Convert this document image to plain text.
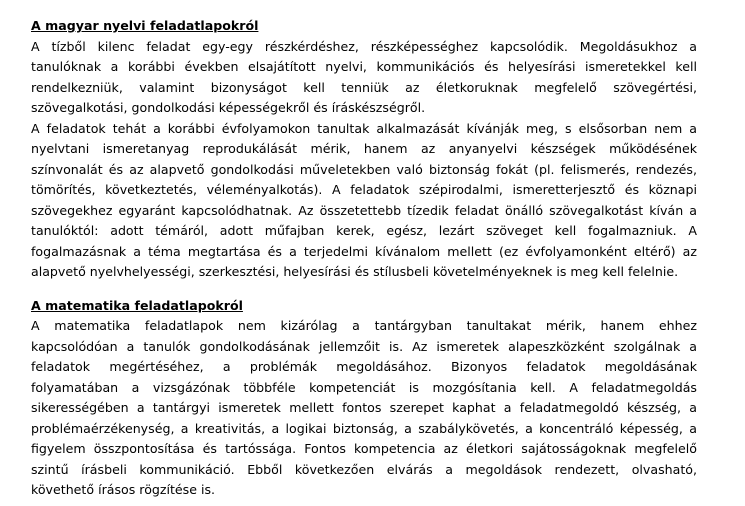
A magyar nyelvi feladatlapokról
A tízből kilenc feladat egy-egy részkérdéshez, részképességhez kapcsolódik. Megoldásukhoz a
tanulóknak a korábbi években elsajátított nyelvi, kommunikációs és helyesírási ismeretekkel kell
rendelkezniük, valamint bizonyságot kell tenniük az életkoruknak megfelelő szövegértési,
szövegalkotási, gondolkodási képességekről és íráskészségről.
A feladatok tehát a korábbi évfolyamokon tanultak alkalmazását kívánják meg, s elsősorban nem a
nyelvtani ismeretanyag reprodukálását mérik, hanem az anyanyelvi készségek működésének
színvonalát és az alapvető gondolkodási műveletekben való biztonság fokát (pl. felismerés, rendezés,
tömörítés, következtetés, véleményalkotás). A feladatok szépirodalmi, ismeretterjesztő és köznapi
szövegekhez egyaránt kapcsolódhatnak. Az összetettebb tízedik feladat önálló szövegalkotást kíván a
tanulóktól: adott témáról, adott műfajban kerek, egész, lezárt szöveget kell fogalmazniuk. A
fogalmazásnak a téma megtartása és a terjedelmi kívánalom mellett (ez évfolyamonként eltérő) az
alapvető nyelvhelyességi, szerkesztési, helyesírási és stílusbeli követelményeknek is meg kell felelnie.
A matematika feladatlapokról
A matematika feladatlapok nem kizárólag a tantárgyban tanultakat mérik, hanem ehhez
kapcsolódóan a tanulók gondolkodásának jellemzőit is. Az ismeretek alapeszközként szolgálnak a
feladatok megértéséhez, a problémák megoldásához. Bizonyos feladatok megoldásának
folyamatában a vizsgázónak többféle kompetenciát is mozgósítania kell. A feladatmegoldás
sikerességében a tantárgyi ismeretek mellett fontos szerepet kaphat a feladatmegoldó készség, a
problémaérzékenység, a kreativitás, a logikai biztonság, a szabálykövetés, a koncentráló képesség, a
figyelem összpontosítása és tartóssága. Fontos kompetencia az életkori sajátosságoknak megfelelő
szintű írásbeli kommunikáció. Ebből következően elvárás a megoldások rendezett, olvasható,
követhető írásos rögzítése is.
